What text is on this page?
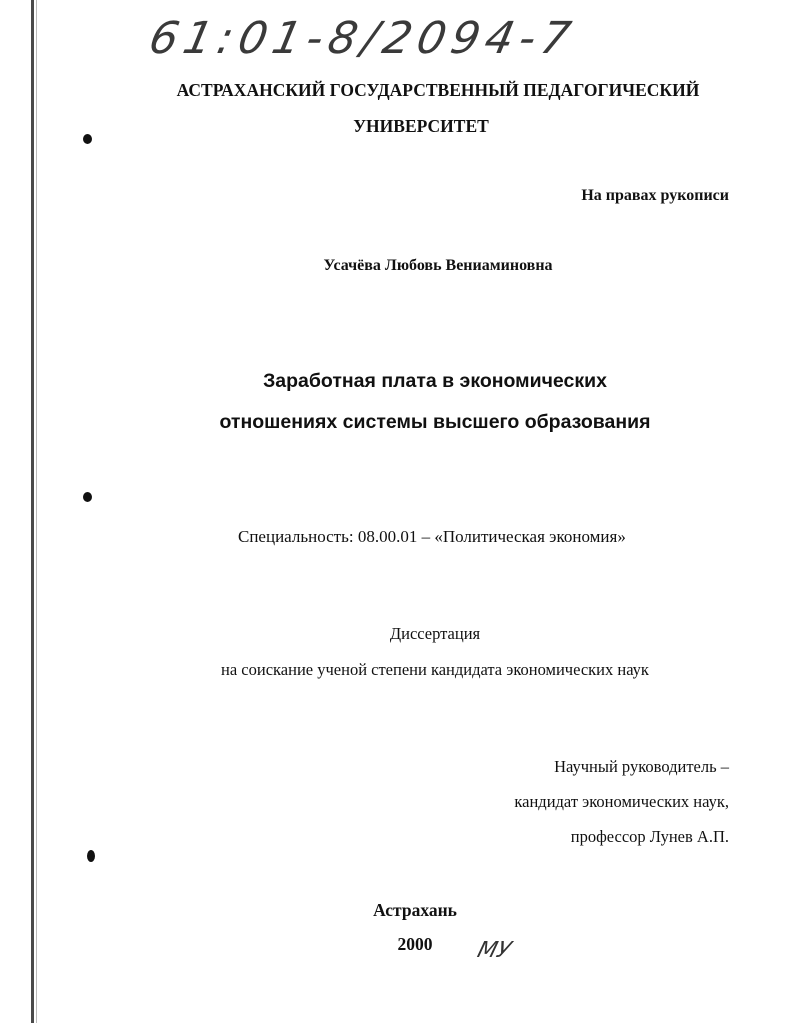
61:01-8/2094-7
АСТРАХАНСКИЙ ГОСУДАРСТВЕННЫЙ ПЕДАГОГИЧЕСКИЙ
УНИВЕРСИТЕТ
На правах рукописи
Усачёва Любовь Вениаминовна
Заработная плата в экономических
отношениях системы высшего образования
Специальность: 08.00.01 – «Политическая экономия»
Диссертация
на соискание ученой степени кандидата экономических наук
Научный руководитель –
кандидат экономических наук,
профессор Лунев А.П.
Астрахань
2000	МУ
